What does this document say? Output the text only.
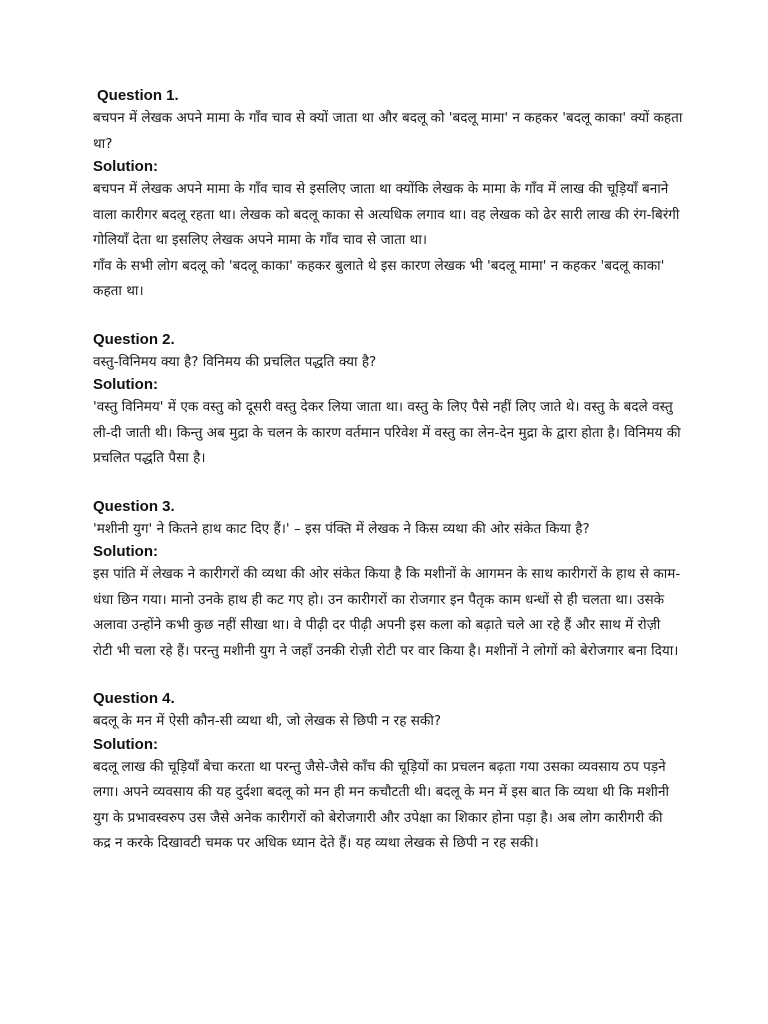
Question 1.

बचपन में लेखक अपने मामा के गाँव चाव से क्यों जाता था और बदलू को 'बदलू मामा' न कहकर 'बदलू काका' क्यों कहता था?

Solution:

बचपन में लेखक अपने मामा के गाँव चाव से इसलिए जाता था क्योंकि लेखक के मामा के गाँव में लाख की चूड़ियाँ बनाने वाला कारीगर बदलू रहता था। लेखक को बदलू काका से अत्यधिक लगाव था। वह लेखक को ढेर सारी लाख की रंग-बिरंगी गोलियाँ देता था इसलिए लेखक अपने मामा के गाँव चाव से जाता था।

गाँव के सभी लोग बदलू को 'बदलू काका' कहकर बुलाते थे इस कारण लेखक भी 'बदलू मामा' न कहकर 'बदलू काका' कहता था।

Question 2.

वस्तु-विनिमय क्या है? विनिमय की प्रचलित पद्धति क्या है?

Solution:

'वस्तु विनिमय' में एक वस्तु को दूसरी वस्तु देकर लिया जाता था। वस्तु के लिए पैसे नहीं लिए जाते थे। वस्तु के बदले वस्तु ली-दी जाती थी। किन्तु अब मुद्रा के चलन के कारण वर्तमान परिवेश में वस्तु का लेन-देन मुद्रा के द्वारा होता है। विनिमय की प्रचलित पद्धति पैसा है।

Question 3.

'मशीनी युग' ने कितने हाथ काट दिए हैं।' – इस पंक्ति में लेखक ने किस व्यथा की ओर संकेत किया है?

Solution:

इस पांति में लेखक ने कारीगरों की व्यथा की ओर संकेत किया है कि मशीनों के आगमन के साथ कारीगरों के हाथ से काम-धंधा छिन गया। मानो उनके हाथ ही कट गए हो। उन कारीगरों का रोजगार इन पैतृक काम धन्धों से ही चलता था। उसके अलावा उन्होंने कभी कुछ नहीं सीखा था। वे पीढ़ी दर पीढ़ी अपनी इस कला को बढ़ाते चले आ रहे हैं और साथ में रोज़ी रोटी भी चला रहे हैं। परन्तु मशीनी युग ने जहाँ उनकी रोज़ी रोटी पर वार किया है। मशीनों ने लोगों को बेरोजगार बना दिया।

Question 4.

बदलू के मन में ऐसी कौन-सी व्यथा थी, जो लेखक से छिपी न रह सकी?

Solution:

बदलू लाख की चूड़ियाँ बेचा करता था परन्तु जैसे-जैसे काँच की चूड़ियों का प्रचलन बढ़ता गया उसका व्यवसाय ठप पड़ने लगा। अपने व्यवसाय की यह दुर्दशा बदलू को मन ही मन कचौटती थी। बदलू के मन में इस बात कि व्यथा थी कि मशीनी युग के प्रभावस्वरुप उस जैसे अनेक कारीगरों को बेरोजगारी और उपेक्षा का शिकार होना पड़ा है। अब लोग कारीगरी की कद्र न करके दिखावटी चमक पर अधिक ध्यान देते हैं। यह व्यथा लेखक से छिपी न रह सकी।
